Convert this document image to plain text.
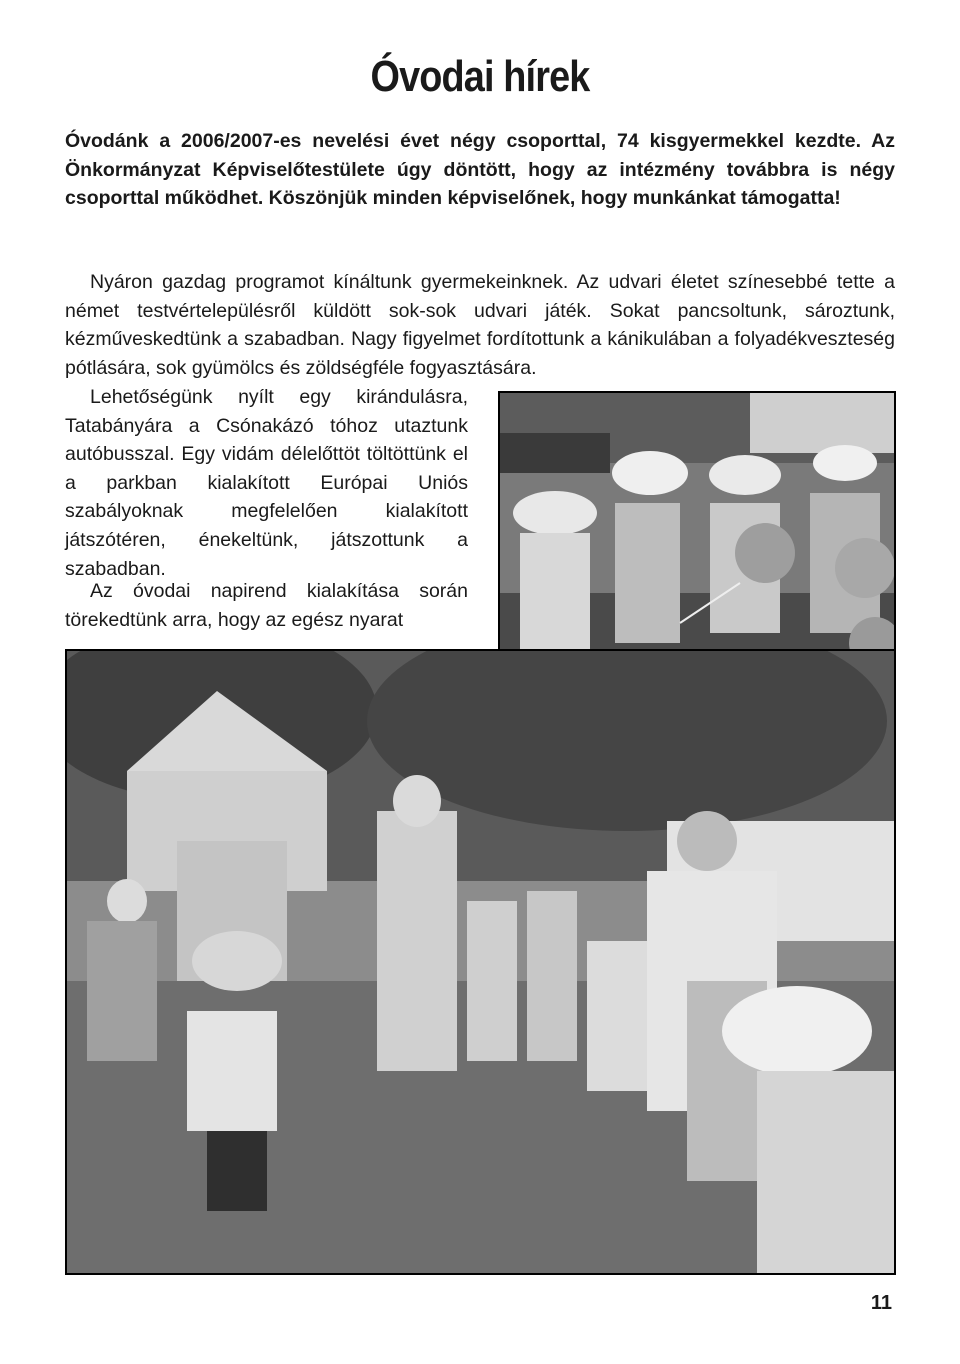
Óvodai hírek

Óvodánk a 2006/2007-es nevelési évet négy csoporttal, 74 kisgyermekkel kezdte. Az Önkormányzat Képviselőtestülete úgy döntött, hogy az intézmény továbbra is négy csoporttal működhet. Köszönjük minden képviselőnek, hogy munkánkat támogatta!

Nyáron gazdag programot kínáltunk gyermekeinknek. Az udvari életet színesebbé tette a német testvértelepülésről küldött sok-sok udvari játék. Sokat pancsoltunk, sároztunk, kézműveskedtünk a szabadban. Nagy figyelmet fordítottunk a kánikulában a folyadékveszteség pótlására, sok gyümölcs és zöldségféle fogyasztására.

Lehetőségünk nyílt egy kirándulásra, Tatabányára a Csónakázó tóhoz utaztunk autóbusszal. Egy vidám délelőttöt töltöttünk el a parkban kialakított Európai Uniós szabályoknak megfelelően kialakított játszótéren, énekeltünk, játszottunk a szabadban.

Az óvodai napirend kialakítása során törekedtünk arra, hogy az egész nyarat

11
